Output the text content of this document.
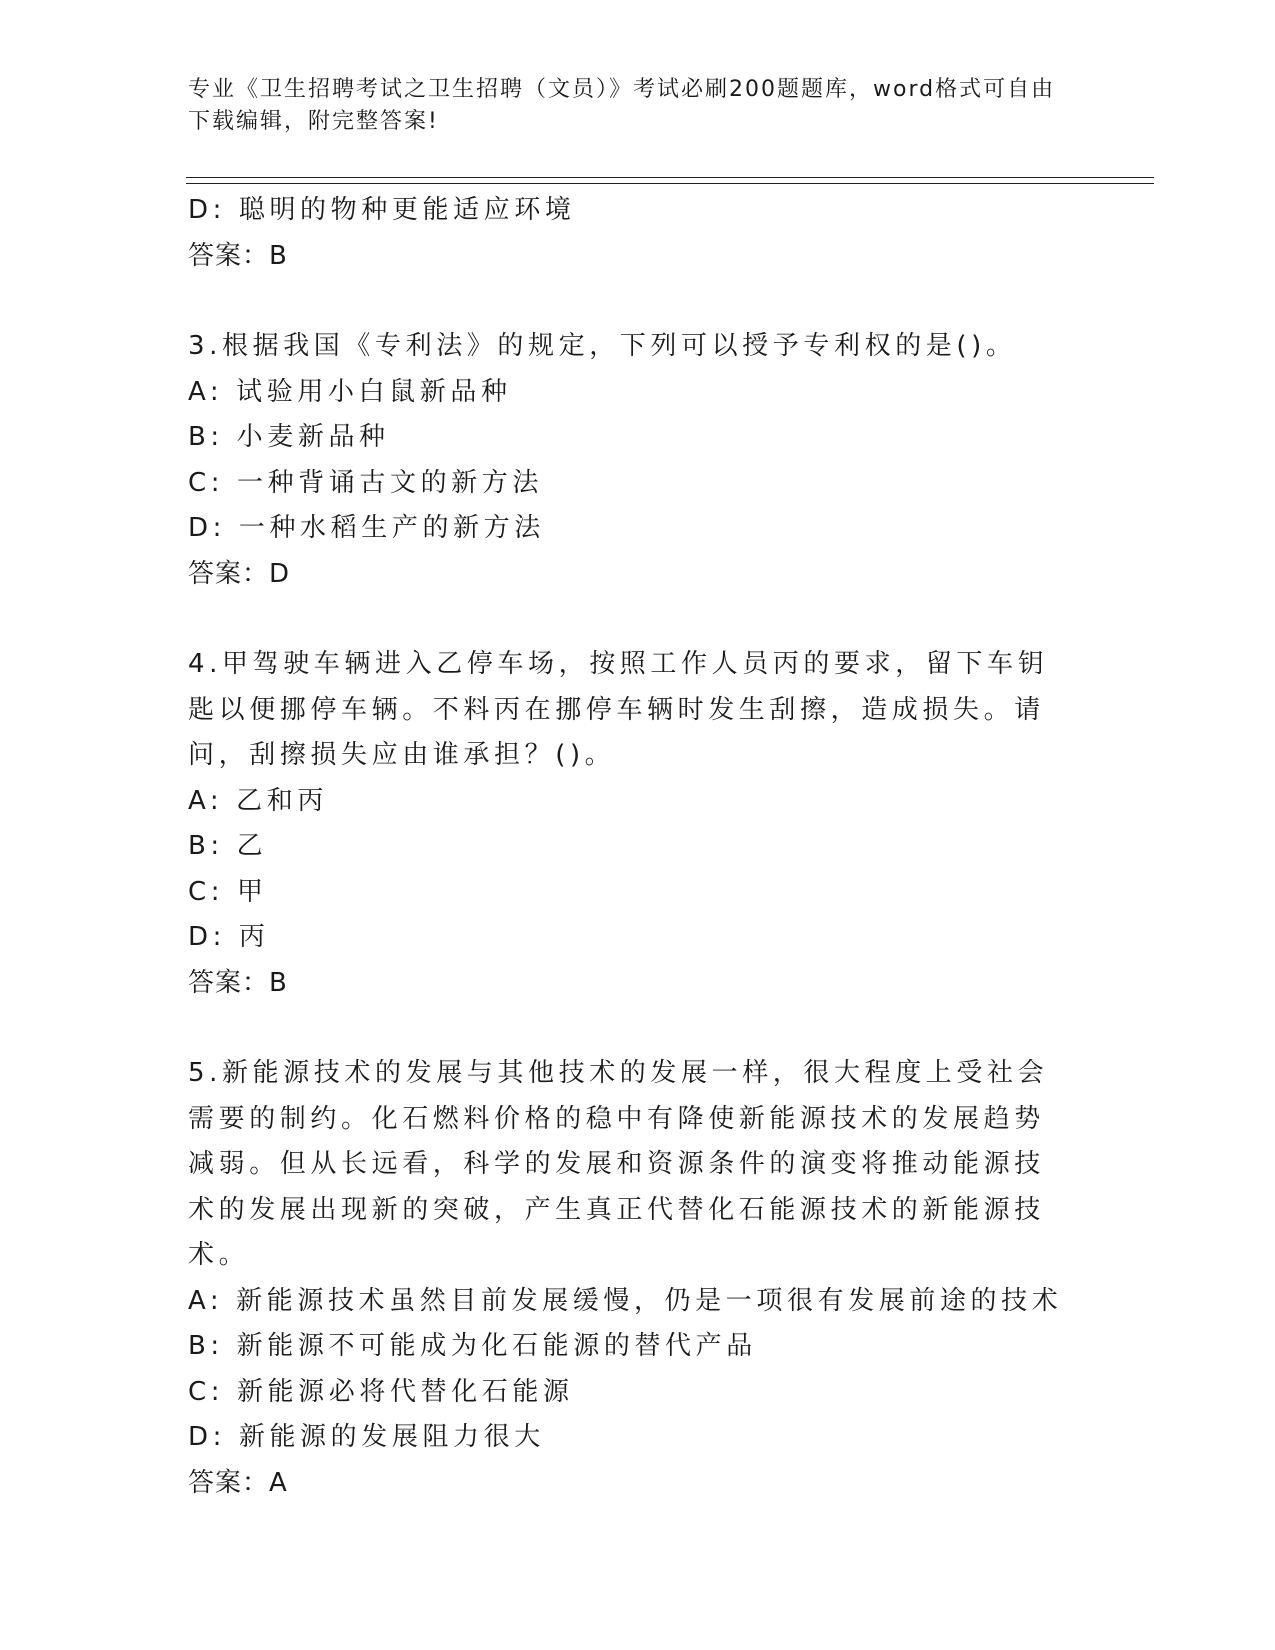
专业《卫生招聘考试之卫生招聘（文员）》考试必刷200题题库，word格式可自由下载编辑，附完整答案!
D: 聪明的物种更能适应环境
答案：B
3.根据我国《专利法》的规定，下列可以授予专利权的是()。
A: 试验用小白鼠新品种
B: 小麦新品种
C: 一种背诵古文的新方法
D: 一种水稻生产的新方法
答案：D
4.甲驾驶车辆进入乙停车场，按照工作人员丙的要求，留下车钥匙以便挪停车辆。不料丙在挪停车辆时发生刮擦，造成损失。请问，刮擦损失应由谁承担？()。
A: 乙和丙
B: 乙
C: 甲
D: 丙
答案：B
5.新能源技术的发展与其他技术的发展一样，很大程度上受社会需要的制约。化石燃料价格的稳中有降使新能源技术的发展趋势减弱。但从长远看，科学的发展和资源条件的演变将推动能源技术的发展出现新的突破，产生真正代替化石能源技术的新能源技术。
A: 新能源技术虽然目前发展缓慢，仍是一项很有发展前途的技术
B: 新能源不可能成为化石能源的替代产品
C: 新能源必将代替化石能源
D: 新能源的发展阻力很大
答案：A
